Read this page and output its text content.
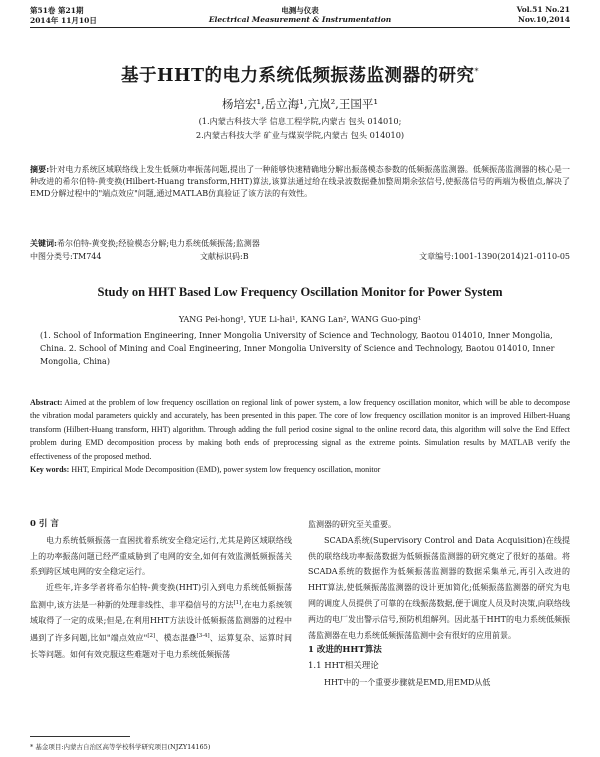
第51卷 第21期
2014年 11月10日
电测与仪表
Electrical Measurement & Instrumentation
Vol.51 No.21
Nov.10,2014
基于HHT的电力系统低频振荡监测器的研究*
杨培宏¹,岳立海¹,亢岚²,王国平¹
(1.内蒙古科技大学 信息工程学院,内蒙古 包头 014010;
2.内蒙古科技大学 矿业与煤炭学院,内蒙古 包头 014010)
摘要:针对电力系统区域联络线上发生低频功率振荡问题,提出了一种能够快速精确地分解出振荡模态参数的低频振荡监测器。低频振荡监测器的核心是一种改进的希尔伯特-黄变换(Hilbert-Huang transform,HHT)算法,该算法通过给在线录波数据叠加整周期余弦信号,使振荡信号的两端为极值点,解决了EMD分解过程中的"端点效应"问题,通过MATLAB仿真验证了该方法的有效性。
关键词:希尔伯特-黄变换;经验模态分解;电力系统低频振荡;监测器
中图分类号:TM744	文献标识码:B	文章编号:1001-1390(2014)21-0110-05
Study on HHT Based Low Frequency Oscillation Monitor for Power System
YANG Pei-hong¹, YUE Li-hai¹, KANG Lan², WANG Guo-ping¹
(1. School of Information Engineering, Inner Mongolia University of Science and Technology, Baotou 014010, Inner Mongolia, China. 2. School of Mining and Coal Engineering, Inner Mongolia University of Science and Technology, Baotou 014010, Inner Mongolia, China)
Abstract: Aimed at the problem of low frequency oscillation on regional link of power system, a low frequency oscillation monitor, which will be able to decompose the vibration modal parameters quickly and accurately, has been presented in this paper. The core of low frequency oscillation monitor is an improved Hilbert-Huang transform (Hilbert-Huang transform, HHT) algorithm. Through adding the full period cosine signal to the online record data, this algorithm will solve the End Effect problem during EMD decomposition process by making both ends of preprocessing signal as the extreme points. Simulation results by MATLAB verify the effectiveness of the proposed method.
Key words: HHT, Empirical Mode Decomposition (EMD), power system low frequency oscillation, monitor
0 引 言

电力系统低频振荡一直困扰着系统安全稳定运行,尤其是跨区域联络线上的功率振荡问题已经严重威胁到了电网的安全,如何有效监测低频振荡关系到跨区域电网的安全稳定运行。

近些年,许多学者将希尔伯特-黄变换(HHT)引入到电力系统低频振荡监测中,该方法是一种新的处理非线性、非平稳信号的方法[1],在电力系统领域取得了一定的成果;但是,在利用HHT方法设计低频振荡监测器的过程中遇到了许多问题,比如"端点效应"[2]、模态混叠[3-4]、运算复杂、运算时间长等问题。如何有效克服这些难题对于电力系统低频振荡

监测器的研究至关重要。

SCADA系统(Supervisory Control and Data Acquisition)在线提供的联络线功率振荡数据为低频振荡监测器的研究奠定了很好的基础。将SCADA系统的数据作为低频振荡监测器的数据采集单元,再引入改进的HHT算法,使低频振荡监测器的设计更加简化;低频振荡监测器的研究为电网的调度人员提供了可靠的在线振荡数据,便于调度人员及时决策,向联络线两边的电厂发出警示信号,预防机组解列。因此基于HHT的电力系统低频振荡监测器在电力系统低频振荡监测中会有很好的应用前景。

1 改进的HHT算法
1.1 HHT相关理论

HHT中的一个重要步骤就是EMD,用EMD从低

* 基金项目:内蒙古自治区高等学校科学研究项目(NJZY14165)
